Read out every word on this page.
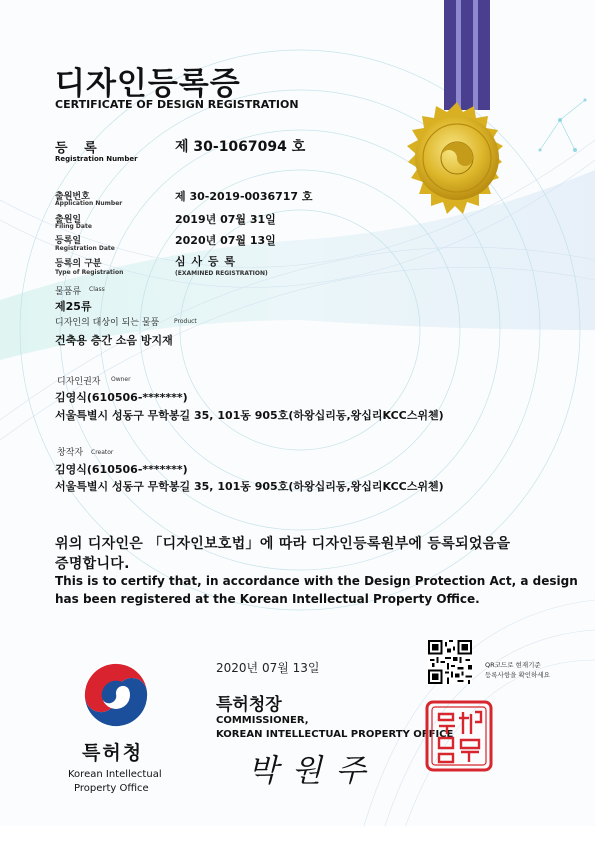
디자인등록증
CERTIFICATE OF DESIGN REGISTRATION
등 록
Registration Number
제 30-1067094 호
출원번호
Application Number
제 30-2019-0036717 호
출원일
Filing Date
2019년 07월 31일
등록일
Registration Date
2020년 07월 13일
등록의 구분
Type of Registration
심 사 등 록
(EXAMINED REGISTRATION)
물품류 Class
제25류
디자인의 대상이 되는 물품 Product
건축용 층간 소음 방지재
디자인권자 Owner
김영식(610506-*******)
서울특별시 성동구 무학봉길 35, 101동 905호(하왕십리동,왕십리KCC스위첸)
창작자 Creator
김영식(610506-*******)
서울특별시 성동구 무학봉길 35, 101동 905호(하왕십리동,왕십리KCC스위첸)
위의 디자인은 「디자인보호법」에 따라 디자인등록원부에 등록되었음을
증명합니다.
This is to certify that, in accordance with the Design Protection Act, a design
has been registered at the Korean Intellectual Property Office.
2020년 07월 13일	QR코드로 현재기준
등록사항을 확인하세요
특허청장
COMMISSIONER,
KOREAN INTELLECTUAL PROPERTY OFFICE
박 원 주
특허청
Korean Intellectual
Property Office
